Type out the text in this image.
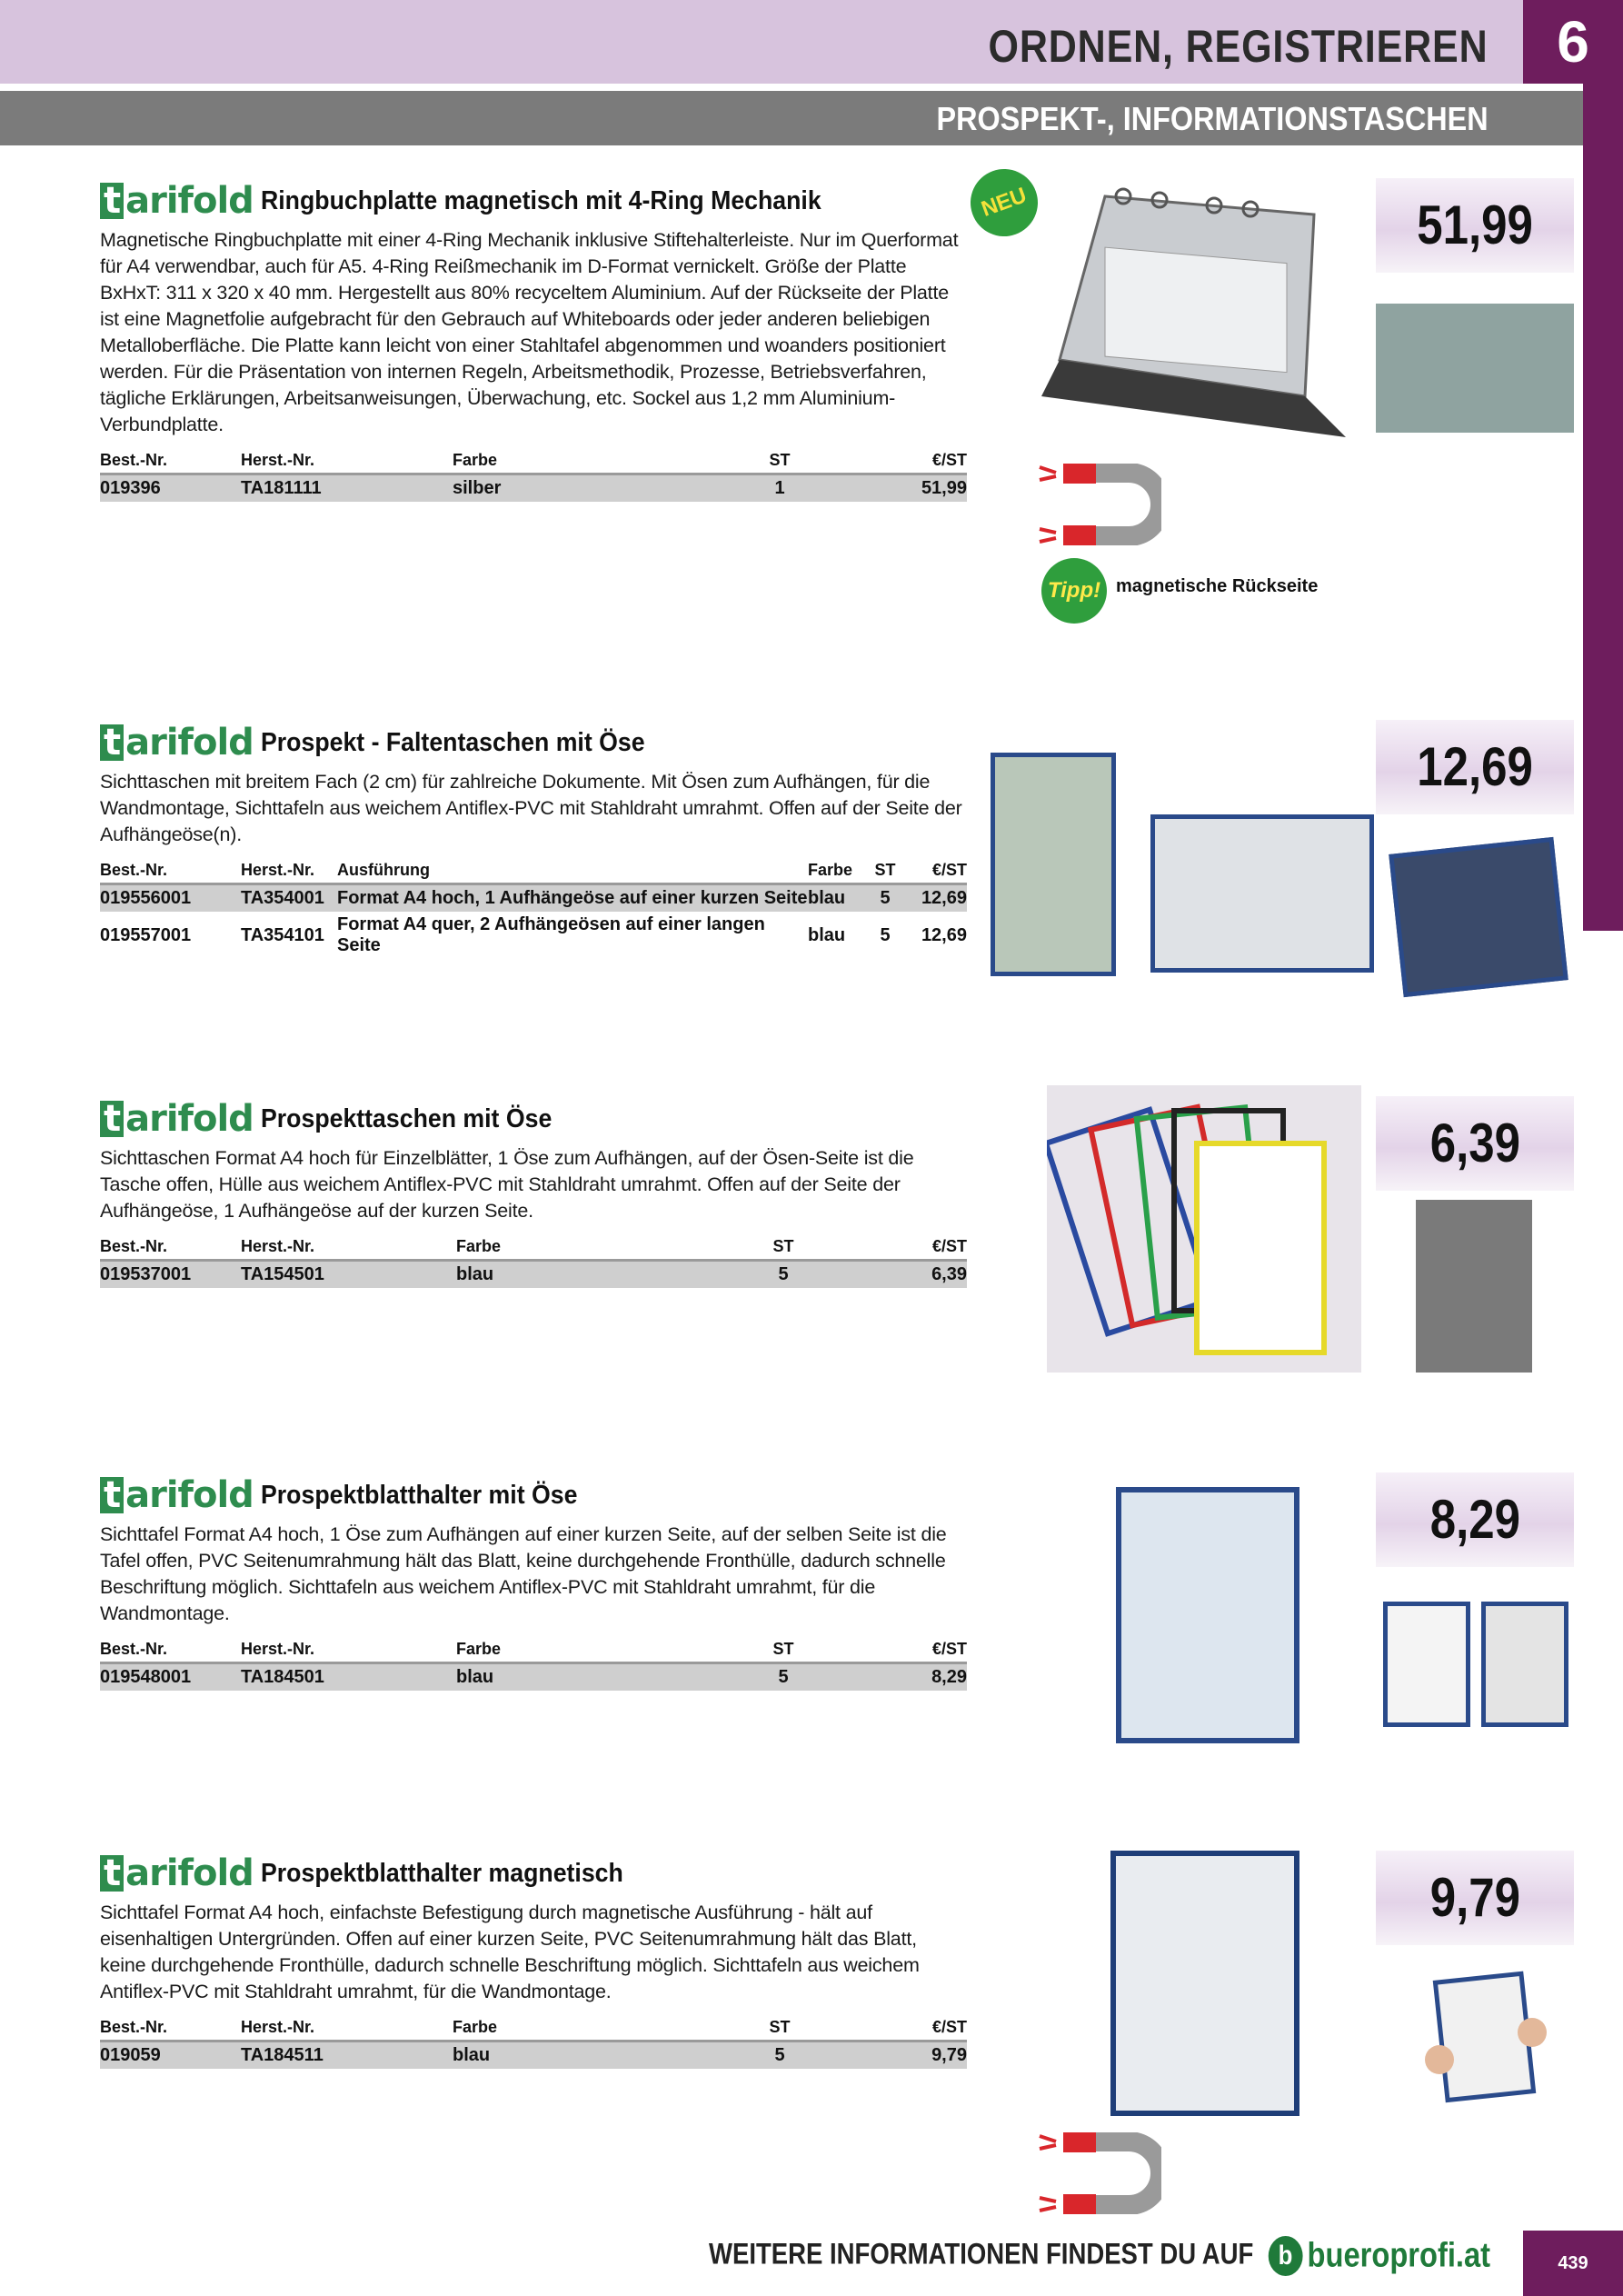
ORDNEN, REGISTRIEREN	6
PROSPEKT-, INFORMATIONSTASCHEN
t arifold Ringbuchplatte magnetisch mit 4-Ring Mechanik
Magnetische Ringbuchplatte mit einer 4-Ring Mechanik inklusive Stiftehalterleiste. Nur im Querformat für A4 verwendbar, auch für A5. 4-Ring Reißmechanik im D-Format vernickelt. Größe der Platte BxHxT: 311 x 320 x 40 mm. Hergestellt aus 80% recyceltem Aluminium. Auf der Rückseite der Platte ist eine Magnetfolie aufgebracht für den Gebrauch auf Whiteboards oder jeder anderen beliebigen Metalloberfläche. Die Platte kann leicht von einer Stahltafel abgenommen und woanders positioniert werden. Für die Präsentation von internen Regeln, Arbeitsmethodik, Prozesse, Betriebsverfahren, tägliche Erklärungen, Arbeitsanweisungen, Überwachung, etc. Sockel aus 1,2 mm Aluminium-Verbundplatte.
Best.-Nr.	Herst.-Nr.	Farbe	ST	€/ST
019396	TA181111	silber	1	51,99
NEU	51,99
Tipp! magnetische Rückseite
t arifold Prospekt - Faltentaschen mit Öse
Sichttaschen mit breitem Fach (2 cm) für zahlreiche Dokumente. Mit Ösen zum Aufhängen, für die Wandmontage, Sichttafeln aus weichem Antiflex-PVC mit Stahldraht umrahmt. Offen auf der Seite der Aufhängeöse(n).
Best.-Nr.	Herst.-Nr.	Ausführung	Farbe	ST	€/ST
019556001	TA354001	Format A4 hoch, 1 Aufhängeöse auf einer kurzen Seite	blau	5	12,69
019557001	TA354101	Format A4 quer, 2 Aufhängeösen auf einer langen Seite	blau	5	12,69
12,69
t arifold Prospekttaschen mit Öse
Sichttaschen Format A4 hoch für Einzelblätter, 1 Öse zum Aufhängen, auf der Ösen-Seite ist die Tasche offen, Hülle aus weichem Antiflex-PVC mit Stahldraht umrahmt. Offen auf der Seite der Aufhängeöse, 1 Aufhängeöse auf der kurzen Seite.
Best.-Nr.	Herst.-Nr.	Farbe	ST	€/ST
019537001	TA154501	blau	5	6,39
6,39
t arifold Prospektblatthalter mit Öse
Sichttafel Format A4 hoch, 1 Öse zum Aufhängen auf einer kurzen Seite, auf der selben Seite ist die Tafel offen, PVC Seitenumrahmung hält das Blatt, keine durchgehende Fronthülle, dadurch schnelle Beschriftung möglich. Sichttafeln aus weichem Antiflex-PVC mit Stahldraht umrahmt, für die Wandmontage.
Best.-Nr.	Herst.-Nr.	Farbe	ST	€/ST
019548001	TA184501	blau	5	8,29
8,29
t arifold Prospektblatthalter magnetisch
Sichttafel Format A4 hoch, einfachste Befestigung durch magnetische Ausführung - hält auf eisenhaltigen Untergründen. Offen auf einer kurzen Seite, PVC Seitenumrahmung hält das Blatt, keine durchgehende Fronthülle, dadurch schnelle Beschriftung möglich. Sichttafeln aus weichem Antiflex-PVC mit Stahldraht umrahmt, für die Wandmontage.
Best.-Nr.	Herst.-Nr.	Farbe	ST	€/ST
019059	TA184511	blau	5	9,79
9,79
WEITERE INFORMATIONEN FINDEST DU AUF b bueroprofi.at	439
